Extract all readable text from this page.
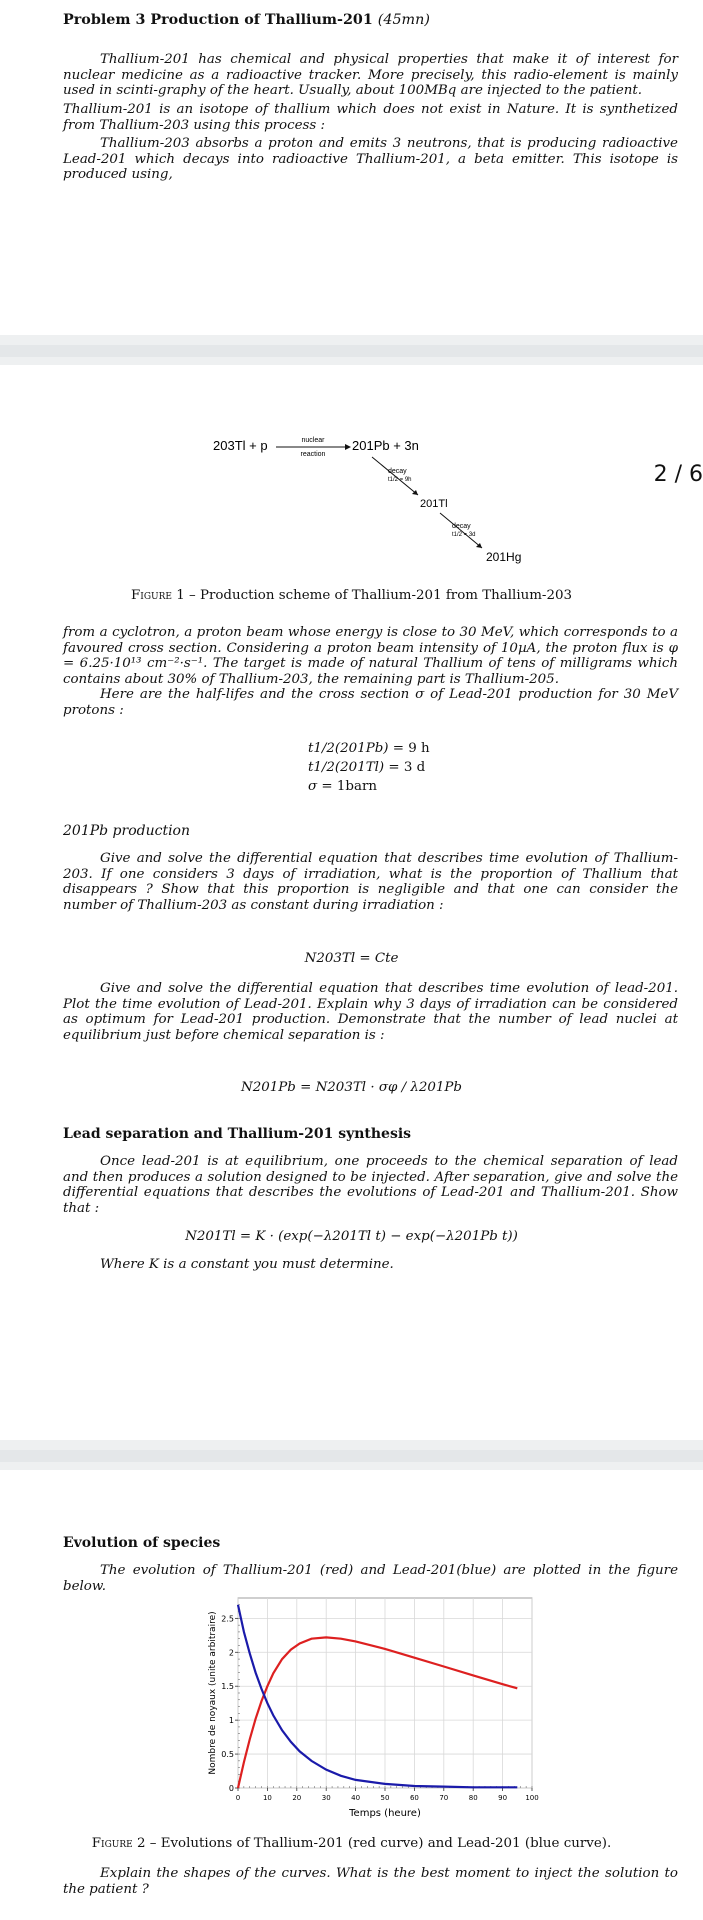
Problem 3 Production of Thallium-201 (45mn)

Thallium-201 has chemical and physical properties that make it of interest for nuclear medicine as a radioactive tracker. More precisely, this radio-element is mainly used in scinti-graphy of the heart. Usually, about 100MBq are injected to the patient.

Thallium-201 is an isotope of thallium which does not exist in Nature. It is synthetized from Thallium-203 using this process :

Thallium-203 absorbs a proton and emits 3 neutrons, that is producing radioactive Lead-201 which decays into radioactive Thallium-201, a beta emitter. This isotope is produced using,

203Tl + p	nuclear
reaction
201Pb + 3n
decay
t1/2 = 9h
201Tl
decay
t1/2 = 3d
201Hg
2 / 6
Figure 1 – Production scheme of Thallium-201 from Thallium-203

from a cyclotron, a proton beam whose energy is close to 30 MeV, which corresponds to a favoured cross section. Considering a proton beam intensity of 10µA, the proton flux is φ = 6.25·10¹³ cm⁻²·s⁻¹. The target is made of natural Thallium of tens of milligrams which contains about 30% of Thallium-203, the remaining part is Thallium-205.

Here are the half-lifes and the cross section σ of Lead-201 production for 30 MeV protons :

t1/2(201Pb) = 9 h
t1/2(201Tl) = 3 d
σ = 1barn
201Pb production

Give and solve the differential equation that describes time evolution of Thallium-203. If one considers 3 days of irradiation, what is the proportion of Thallium that disappears ? Show that this proportion is negligible and that one can consider the number of Thallium-203 as constant during irradiation :

N203Tl = Cte

Give and solve the differential equation that describes time evolution of lead-201. Plot the time evolution of Lead-201. Explain why 3 days of irradiation can be considered as optimum for Lead-201 production. Demonstrate that the number of lead nuclei at equilibrium just before chemical separation is :

N201Pb = N203Tl · σφ / λ201Pb
Lead separation and Thallium-201 synthesis

Once lead-201 is at equilibrium, one proceeds to the chemical separation of lead and then produces a solution designed to be injected. After separation, give and solve the differential equations that describes the evolutions of Lead-201 and Thallium-201. Show that :

N201Tl = K · (exp(−λ201Tl t) − exp(−λ201Pb t))

Where K is a constant you must determine.

Evolution of species

The evolution of Thallium-201 (red) and Lead-201(blue) are plotted in the figure below.

0	10	20	30	40	50	60	70	80	90	100
0
0.5
1
1.5
2
2.5
Temps (heure)
Nombre de noyaux (unite arbitraire)
Figure 2 – Evolutions of Thallium-201 (red curve) and Lead-201 (blue curve).

Explain the shapes of the curves. What is the best moment to inject the solution to the patient ?
